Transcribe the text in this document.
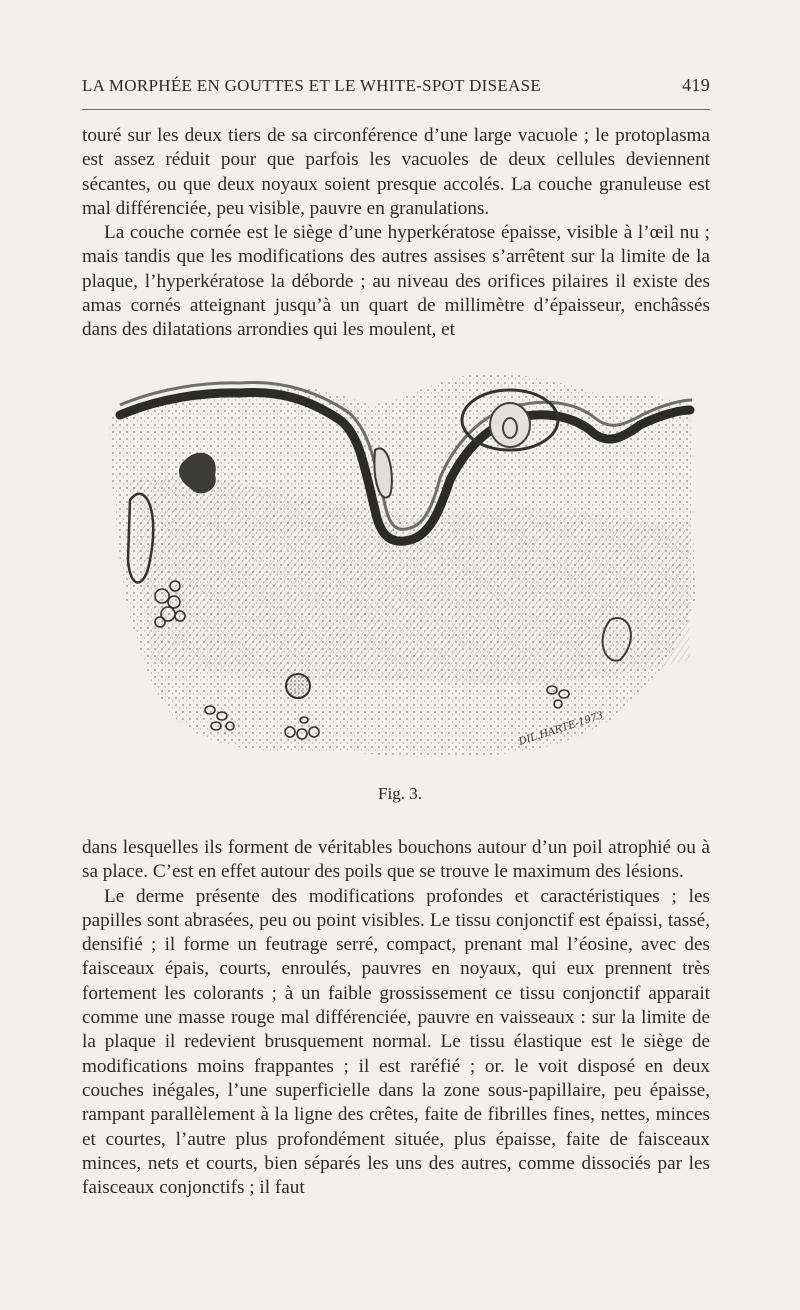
LA MORPHÉE EN GOUTTES ET LE WHITE-SPOT DISEASE	419

touré sur les deux tiers de sa circonférence d’une large vacuole ; le protoplasma est assez réduit pour que parfois les vacuoles de deux cellules deviennent sécantes, ou que deux noyaux soient presque accolés. La couche granuleuse est mal différenciée, peu visible, pauvre en granulations.

La couche cornée est le siège d’une hyperkératose épaisse, visible à l’œil nu ; mais tandis que les modifications des autres assises s’arrêtent sur la limite de la plaque, l’hyperkératose la déborde ; au niveau des orifices pilaires il existe des amas cornés atteignant jusqu’à un quart de millimètre d’épaisseur, enchâssés dans des dilatations arrondies qui les moulent, et

DIL.HARTE-1973
Fig. 3.

dans lesquelles ils forment de véritables bouchons autour d’un poil atrophié ou à sa place. C’est en effet autour des poils que se trouve le maximum des lésions.

Le derme présente des modifications profondes et caractéristiques ; les papilles sont abrasées, peu ou point visibles. Le tissu conjonctif est épaissi, tassé, densifié ; il forme un feutrage serré, compact, prenant mal l’éosine, avec des faisceaux épais, courts, enroulés, pauvres en noyaux, qui eux prennent très fortement les colorants ; à un faible grossissement ce tissu conjonctif apparait comme une masse rouge mal différenciée, pauvre en vaisseaux : sur la limite de la plaque il redevient brusquement normal. Le tissu élastique est le siège de modifications moins frappantes ; il est raréfié ; or. le voit disposé en deux couches inégales, l’une superficielle dans la zone sous-papillaire, peu épaisse, rampant parallèlement à la ligne des crêtes, faite de fibrilles fines, nettes, minces et courtes, l’autre plus profondément située, plus épaisse, faite de faisceaux minces, nets et courts, bien séparés les uns des autres, comme dissociés par les faisceaux conjonctifs ; il faut
